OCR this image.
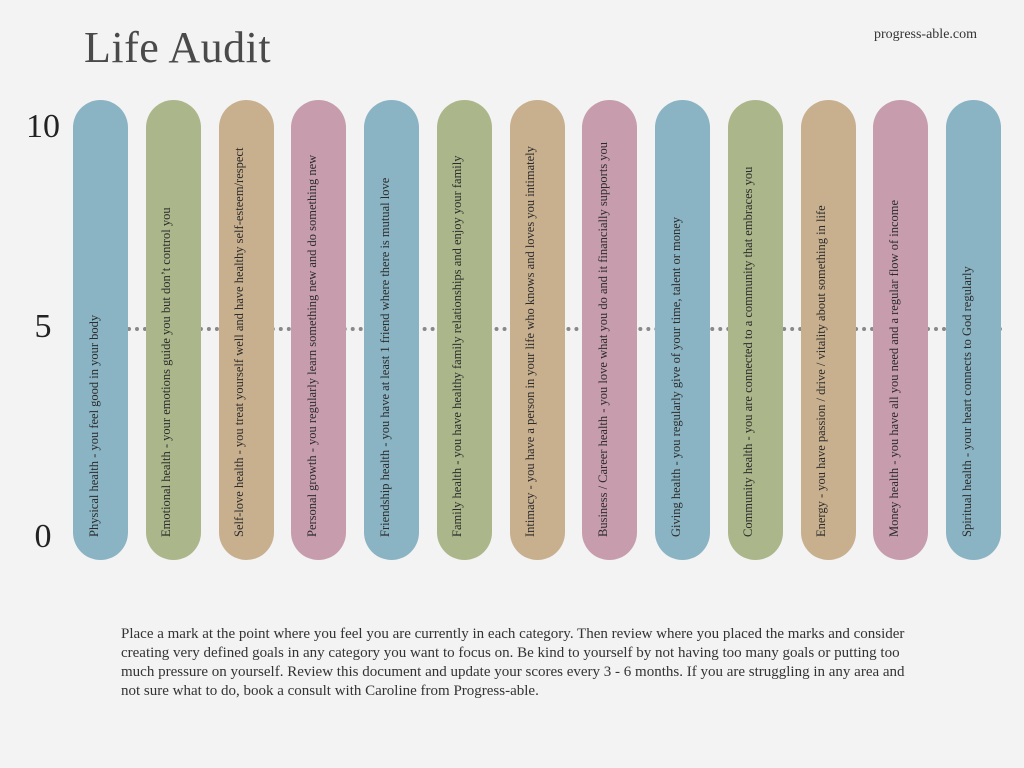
Life Audit	progress-able.com
10
5
0	Physical health - you feel good in your body	Emotional health - your emotions guide you but don’t control you	Self-love health - you treat yourself well and have healthy self-esteem/respect	Personal growth - you regularly learn something new and do something new	Friendship health - you have at least 1 friend where there is mutual love	Family health - you have healthy family relationships and enjoy your family	Intimacy - you have a person in your life who knows and loves you intimately	Business / Career health - you love what you do and it financially supports you	Giving health - you regularly give of your time, talent or money	Community health - you are connected to a community that embraces you	Energy - you have passion / drive / vitality about something in life	Money health - you have all you need and a regular flow of income	Spiritual health - your heart connects to God regularly
Place a mark at the point where you feel you are currently in each category. Then review where you placed the marks and consider creating very defined goals in any category you want to focus on. Be kind to yourself by not having too many goals or putting too much pressure on yourself. Review this document and update your scores every 3 - 6 months. If you are struggling in any area and not sure what to do, book a consult with Caroline from Progress-able.
